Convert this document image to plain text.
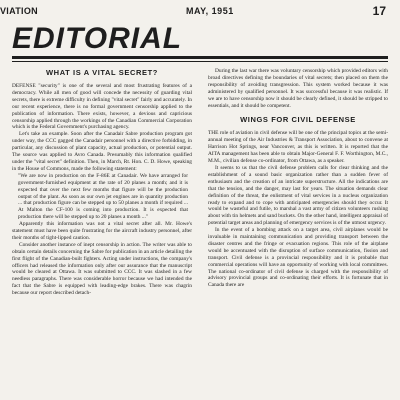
VIATION	MAY, 1951	17
EDITORIAL
WHAT IS A VITAL SECRET?

DEFENSE "security" is one of the several and most frustrating features of a democracy. While all men of good will concede the necessity of guarding vital secrets, there is extreme difficulty in defining "vital secret" fairly and accurately. In our recent experience, there is no formal government censorship applied to the publication of information. There exists, however, a devious and capricious censorship applied through the workings of the Canadian Commercial Corporation which is the Federal Government's purchasing agency.

Let's take an example. Soon after the Canadair Sabre production program got under way, the CCC gagged the Canadair personnel with a directive forbidding, in particular, any discussion of plant capacity, actual production, or potential output. The source was applied to Avro Canada. Presumably this information qualified under the "vital secret" definition. Then, in March, Rt. Hon. C. D. Howe, speaking in the House of Commons, made the following statement:

"We are now in production on the F-86E at Canadair. We have arranged for government-furnished equipment at the rate of 20 planes a month; and it is expected that over the next few months that figure will be the production output of the plant. As soon as our own jet engines are in quantity production ... that production figure can be stepped up to 50 planes a month if required ... At Malton the CF-100 is coming into production. It is expected that production there will be stepped up to 20 planes a month ..."

Apparently this information was not a vital secret after all. Mr. Howe's statement must have been quite frustrating for the aircraft industry personnel, after their months of tight-lipped caution.

Consider another instance of inept censorship in action. The writer was able to obtain certain details concerning the Sabre for publication in an article detailing the first flight of the Canadian-built fighters. Acting under instructions, the company's officers had released the information only after our assurance that the manuscript would be cleared at Ottawa. It was submitted to CCC. It was slashed in a few needless paragraphs. There was considerable horror because we had intended the fact that the Sabre is equipped with leading-edge brakes. There was chagrin because our report described detach-

During the last war there was voluntary censorship which provided editors with broad directives defining the boundaries of vital secrets; then placed on them the responsibility of avoiding transgression. This system worked because it was administered by qualified personnel. It was successful because it was realistic. If we are to have censorship now it should be clearly defined, it should be stripped to essentials, and it should be competent.

WINGS FOR CIVIL DEFENSE

THE role of aviation in civil defense will be one of the principal topics at the semi-annual meeting of the Air Industries & Transport Association, about to convene at Harrison Hot Springs, near Vancouver, as this is written. It is reported that the AITA management has been able to obtain Major-General F. F. Worthington, M.C., M.M., civilian defense co-ordinator, from Ottawa, as a speaker.

It seems to us that the civil defense problem calls for clear thinking and the establishment of a sound basic organization rather than a sudden fever of enthusiasm and the creation of an intricate superstructure. All the indications are that the tension, and the danger, may last for years. The situation demands clear definition of the threat, the enlistment of vital services in a nucleus organization ready to expand and to cope with anticipated emergencies should they occur. It would be wasteful and futile, to marshal a vast army of citizen volunteers rushing about with tin helmets and sand buckets. On the other hand, intelligent appraisal of potential target areas and planning of emergency services is of the utmost urgency.

In the event of a bombing attack on a target area, civil airplanes would be invaluable in maintaining communication and providing transport between the disaster centres and the fringe or evacuation regions. This role of the airplane would be accentuated with the disruption of surface communication, fission and transport. Civil defense is a provincial responsibility and it is probable that commercial operations will have an opportunity of working with local committees. The national co-ordinator of civil defense is charged with the responsibility of advisory provincial groups and co-ordinating their efforts. It is fortunate that in Canada there are
